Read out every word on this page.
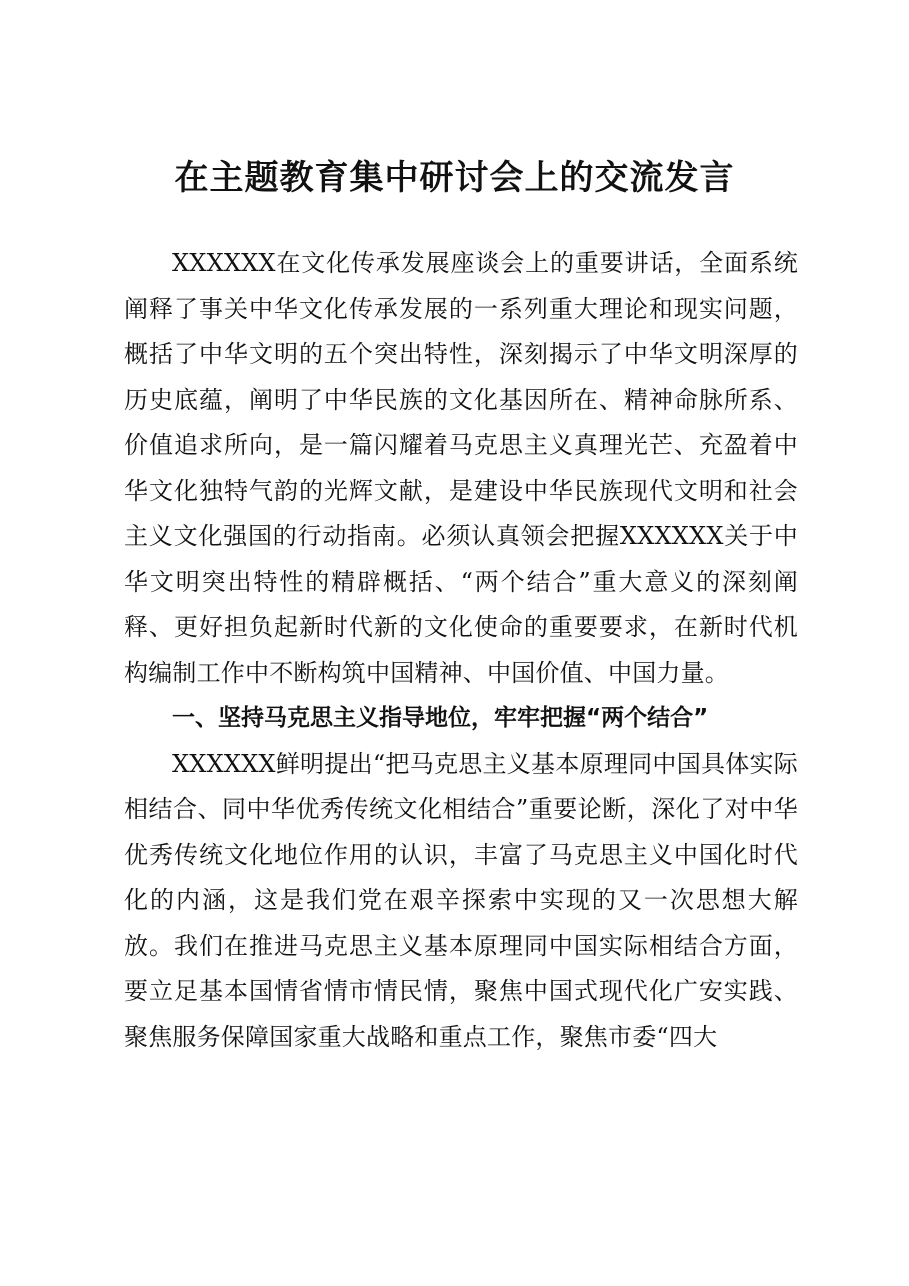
在主题教育集中研讨会上的交流发言

XXXXXX在文化传承发展座谈会上的重要讲话，全面系统阐释了事关中华文化传承发展的一系列重大理论和现实问题，概括了中华文明的五个突出特性，深刻揭示了中华文明深厚的历史底蕴，阐明了中华民族的文化基因所在、精神命脉所系、价值追求所向，是一篇闪耀着马克思主义真理光芒、充盈着中华文化独特气韵的光辉文献，是建设中华民族现代文明和社会主义文化强国的行动指南。必须认真领会把握XXXXXX关于中华文明突出特性的精辟概括、“两个结合”重大意义的深刻阐释、更好担负起新时代新的文化使命的重要要求，在新时代机构编制工作中不断构筑中国精神、中国价值、中国力量。

一、坚持马克思主义指导地位，牢牢把握“两个结合”

XXXXXX鲜明提出“把马克思主义基本原理同中国具体实际相结合、同中华优秀传统文化相结合”重要论断，深化了对中华优秀传统文化地位作用的认识，丰富了马克思主义中国化时代化的内涵，这是我们党在艰辛探索中实现的又一次思想大解放。我们在推进马克思主义基本原理同中国实际相结合方面，要立足基本国情省情市情民情，聚焦中国式现代化广安实践、聚焦服务保障国家重大战略和重点工作，聚焦市委“四大
